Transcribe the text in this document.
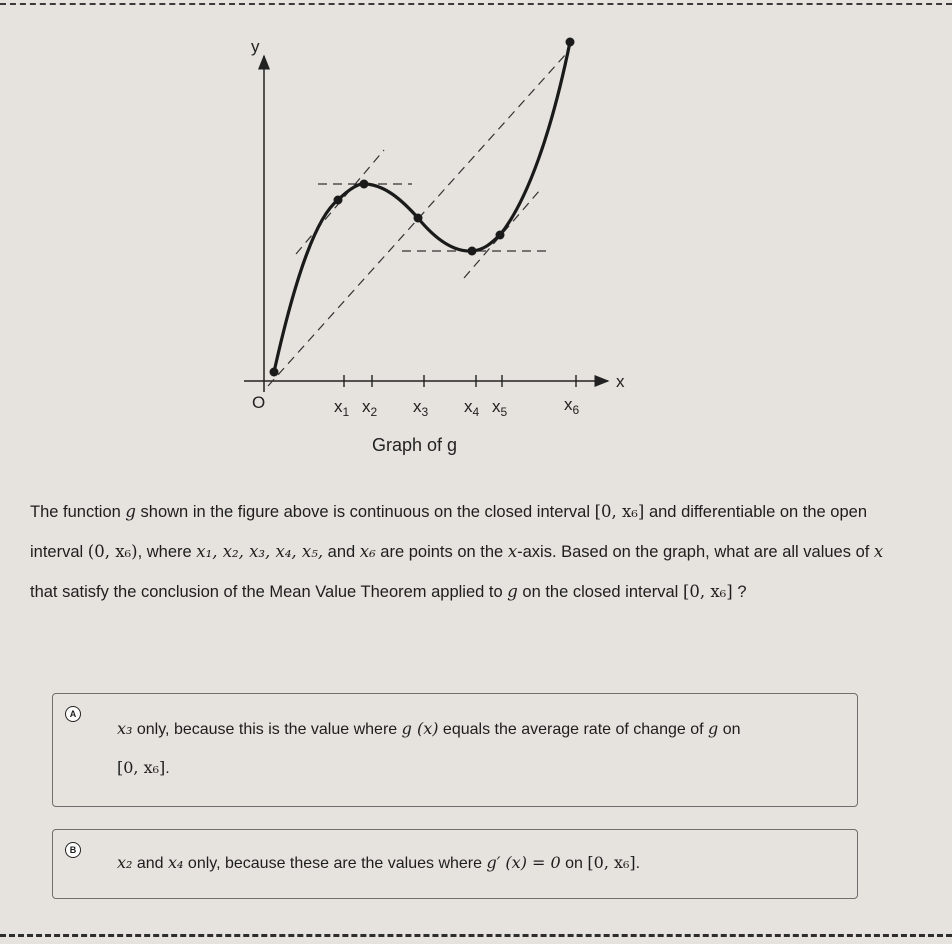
y
x
O	$x_1$ $x_2$ $x_3$ $x_4$ $x_5$	$x_6$
Graph of g
The function g shown in the figure above is continuous on the closed interval [0, x₆] and differentiable on the open interval (0, x₆), where x₁, x₂, x₃, x₄, x₅, and x₆ are points on the x-axis. Based on the graph, what are all values of x that satisfy the conclusion of the Mean Value Theorem applied to g on the closed interval [0, x₆] ?
A
x₃ only, because this is the value where g (x) equals the average rate of change of g on
[0, x₆].
B
x₂ and x₄ only, because these are the values where g′ (x) = 0 on [0, x₆].
